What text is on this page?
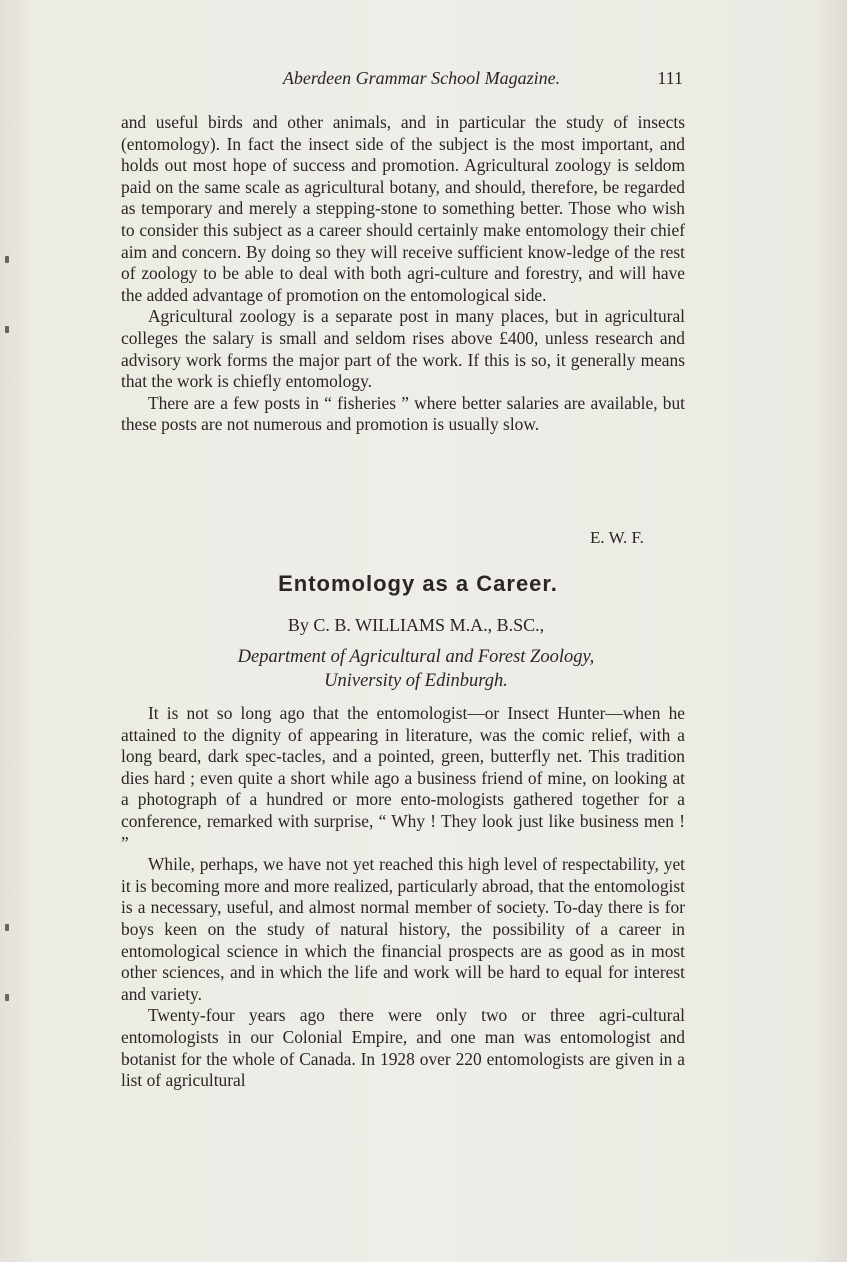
Aberdeen Grammar School Magazine.	111

and useful birds and other animals, and in particular the study of insects (entomology). In fact the insect side of the subject is the most important, and holds out most hope of success and promotion. Agricultural zoology is seldom paid on the same scale as agricultural botany, and should, therefore, be regarded as temporary and merely a stepping-stone to something better. Those who wish to consider this subject as a career should certainly make entomology their chief aim and concern. By doing so they will receive sufficient know-ledge of the rest of zoology to be able to deal with both agri-culture and forestry, and will have the added advantage of promotion on the entomological side.

Agricultural zoology is a separate post in many places, but in agricultural colleges the salary is small and seldom rises above £400, unless research and advisory work forms the major part of the work. If this is so, it generally means that the work is chiefly entomology.

There are a few posts in “ fisheries ” where better salaries are available, but these posts are not numerous and promotion is usually slow.

E. W. F.
Entomology as a Career.
By C. B. WILLIAMS M.A., B.SC.,
Department of Agricultural and Forest Zoology,
University of Edinburgh.

It is not so long ago that the entomologist—or Insect Hunter—when he attained to the dignity of appearing in literature, was the comic relief, with a long beard, dark spec-tacles, and a pointed, green, butterfly net. This tradition dies hard ; even quite a short while ago a business friend of mine, on looking at a photograph of a hundred or more ento-mologists gathered together for a conference, remarked with surprise, “ Why ! They look just like business men ! ”

While, perhaps, we have not yet reached this high level of respectability, yet it is becoming more and more realized, particularly abroad, that the entomologist is a necessary, useful, and almost normal member of society. To-day there is for boys keen on the study of natural history, the possibility of a career in entomological science in which the financial prospects are as good as in most other sciences, and in which the life and work will be hard to equal for interest and variety.

Twenty-four years ago there were only two or three agri-cultural entomologists in our Colonial Empire, and one man was entomologist and botanist for the whole of Canada. In 1928 over 220 entomologists are given in a list of agricultural
